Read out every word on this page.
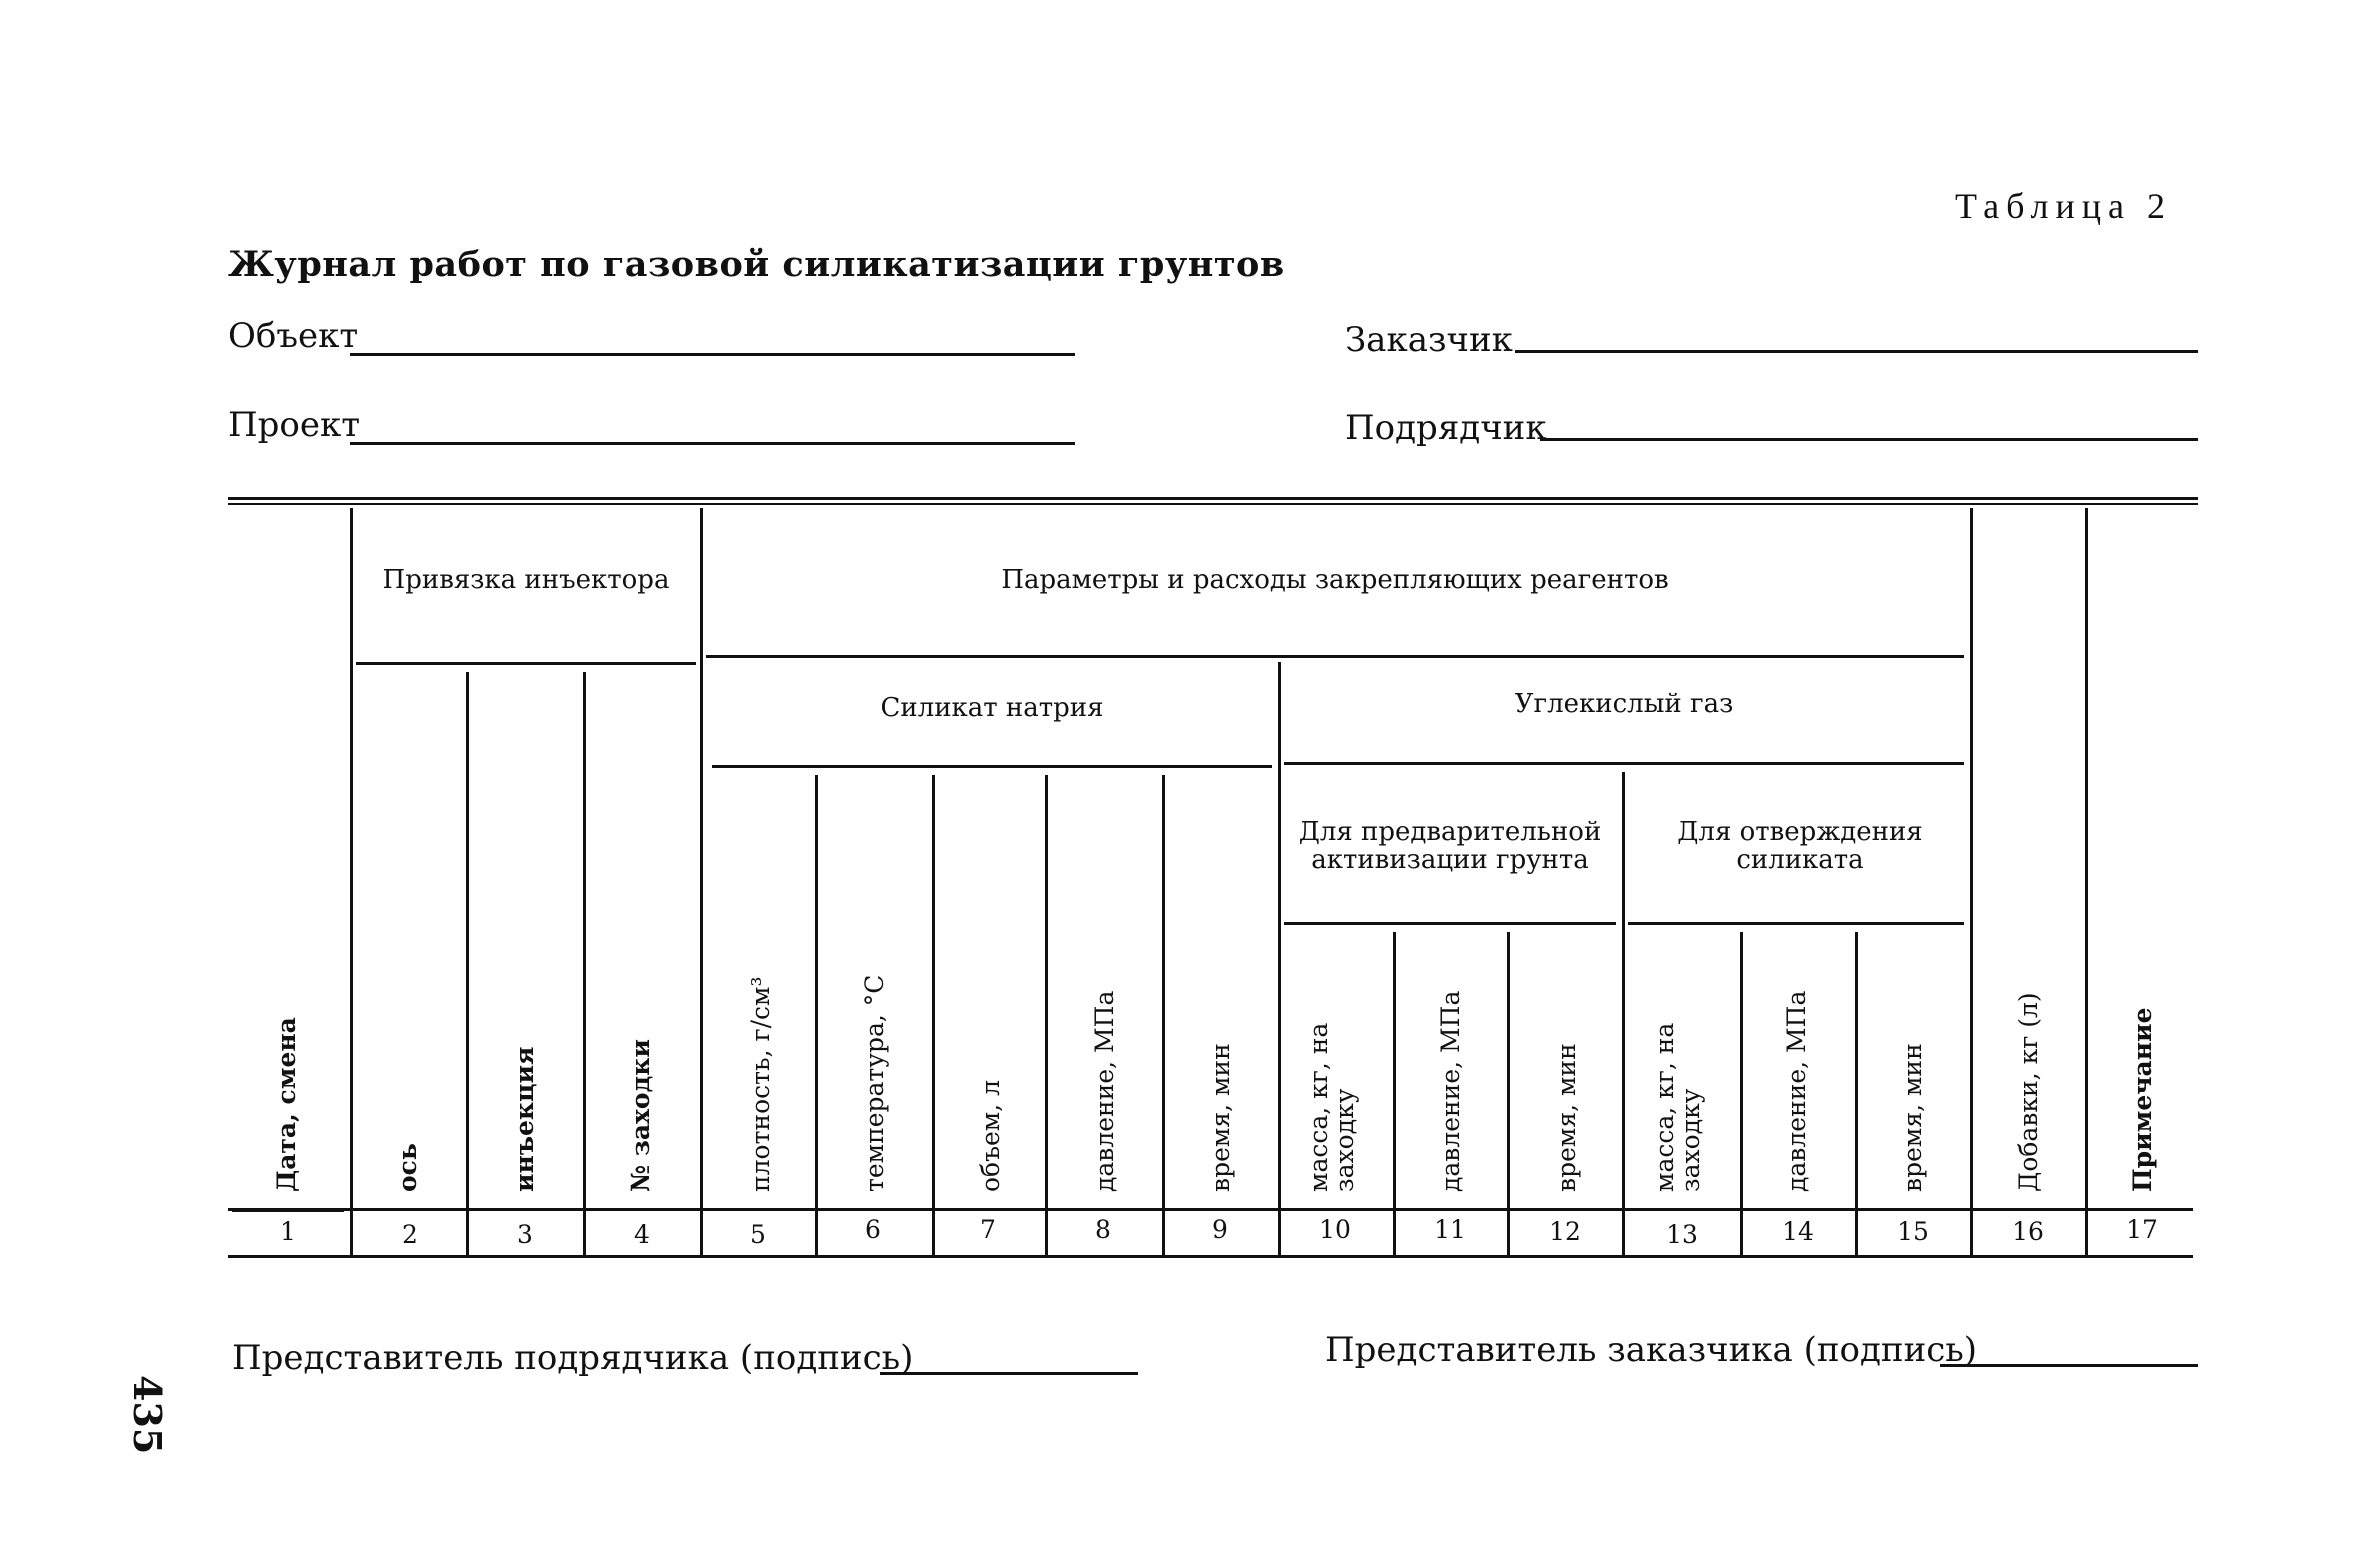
Таблица 2
Журнал работ по газовой силикатизации грунтов
Объект
Проект
Заказчик
Подрядчик
Привязка инъектора	Параметры и расходы закрепляющих реагентов
Силикат натрия	Углекислый газ
Для предварительной активизации грунта
Для отверждения силиката
Дата, смена	ось	инъекция	№ заходки	плотность, г/см³	температура, °С	объем, л	давление, МПа	время, мин	масса, кг, на заходку	давление, МПа	время, мин	масса, кг, на заходку	давление, МПа	время, мин	Добавки, кг (л)	Примечание
1	2	3	4	5	6	7	8	9	10	11	12	13	14	15	16	17
435
Представитель подрядчика (подпись)	Представитель заказчика (подпись)
